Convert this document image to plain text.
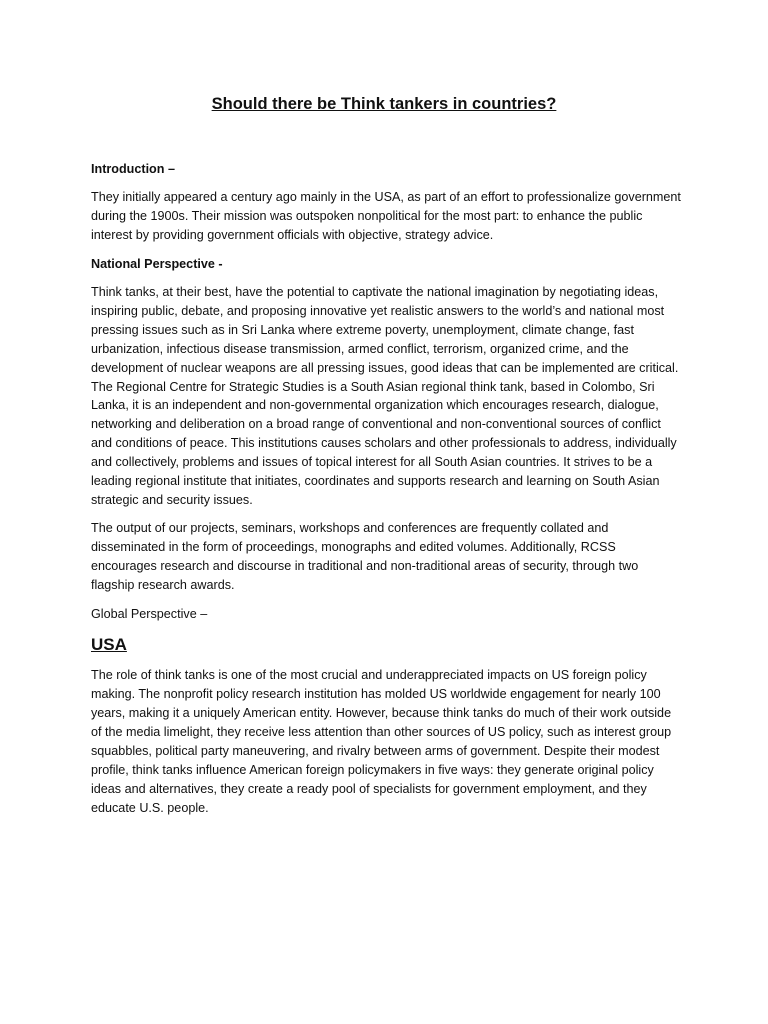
Should there be Think tankers in countries?

Introduction –

They initially appeared a century ago mainly in the USA, as part of an effort to professionalize government during the 1900s. Their mission was outspoken nonpolitical for the most part: to enhance the public interest by providing government officials with objective, strategy advice.

National Perspective -

Think tanks, at their best, have the potential to captivate the national imagination by negotiating ideas, inspiring public, debate, and proposing innovative yet realistic answers to the world’s and national most pressing issues such as in Sri Lanka where extreme poverty, unemployment, climate change, fast urbanization, infectious disease transmission, armed conflict, terrorism, organized crime, and the development of nuclear weapons are all pressing issues, good ideas that can be implemented are critical. The Regional Centre for Strategic Studies is a South Asian regional think tank, based in Colombo, Sri Lanka, it is an independent and non-governmental organization which encourages research, dialogue, networking and deliberation on a broad range of conventional and non-conventional sources of conflict and conditions of peace. This institutions causes scholars and other professionals to address, individually and collectively, problems and issues of topical interest for all South Asian countries. It strives to be a leading regional institute that initiates, coordinates and supports research and learning on South Asian strategic and security issues.

The output of our projects, seminars, workshops and conferences are frequently collated and disseminated in the form of proceedings, monographs and edited volumes. Additionally, RCSS encourages research and discourse in traditional and non-traditional areas of security, through two flagship research awards.

Global Perspective –

USA

The role of think tanks is one of the most crucial and underappreciated impacts on US foreign policy making. The nonprofit policy research institution has molded US worldwide engagement for nearly 100 years, making it a uniquely American entity. However, because think tanks do much of their work outside of the media limelight, they receive less attention than other sources of US policy, such as interest group squabbles, political party maneuvering, and rivalry between arms of government. Despite their modest profile, think tanks influence American foreign policymakers in five ways: they generate original policy ideas and alternatives, they create a ready pool of specialists for government employment, and they educate U.S. people.
